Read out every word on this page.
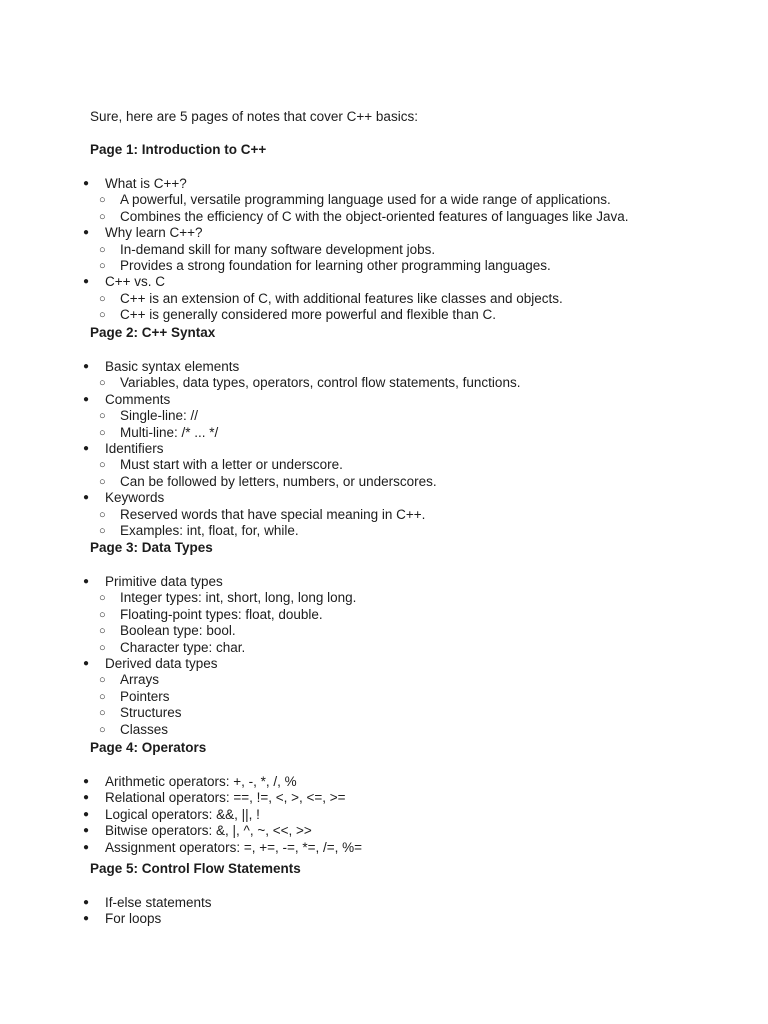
Sure, here are 5 pages of notes that cover C++ basics:
Page 1: Introduction to C++
● What is C++?
○ A powerful, versatile programming language used for a wide range of applications.
○ Combines the efficiency of C with the object-oriented features of languages like Java.
● Why learn C++?
○ In-demand skill for many software development jobs.
○ Provides a strong foundation for learning other programming languages.
● C++ vs. C
○ C++ is an extension of C, with additional features like classes and objects.
○ C++ is generally considered more powerful and flexible than C.
Page 2: C++ Syntax
● Basic syntax elements
○ Variables, data types, operators, control flow statements, functions.
● Comments
○ Single-line: //
○ Multi-line: /* ... */
● Identifiers
○ Must start with a letter or underscore.
○ Can be followed by letters, numbers, or underscores.
● Keywords
○ Reserved words that have special meaning in C++.
○ Examples: int, float, for, while.
Page 3: Data Types
● Primitive data types
○ Integer types: int, short, long, long long.
○ Floating-point types: float, double.
○ Boolean type: bool.
○ Character type: char.
● Derived data types
○ Arrays
○ Pointers
○ Structures
○ Classes
Page 4: Operators
● Arithmetic operators: +, -, *, /, %
● Relational operators: ==, !=, <, >, <=, >=
● Logical operators: &&, ||, !
● Bitwise operators: &, |, ^, ~, <<, >>
● Assignment operators: =, +=, -=, *=, /=, %=
Page 5: Control Flow Statements
● If-else statements
● For loops
